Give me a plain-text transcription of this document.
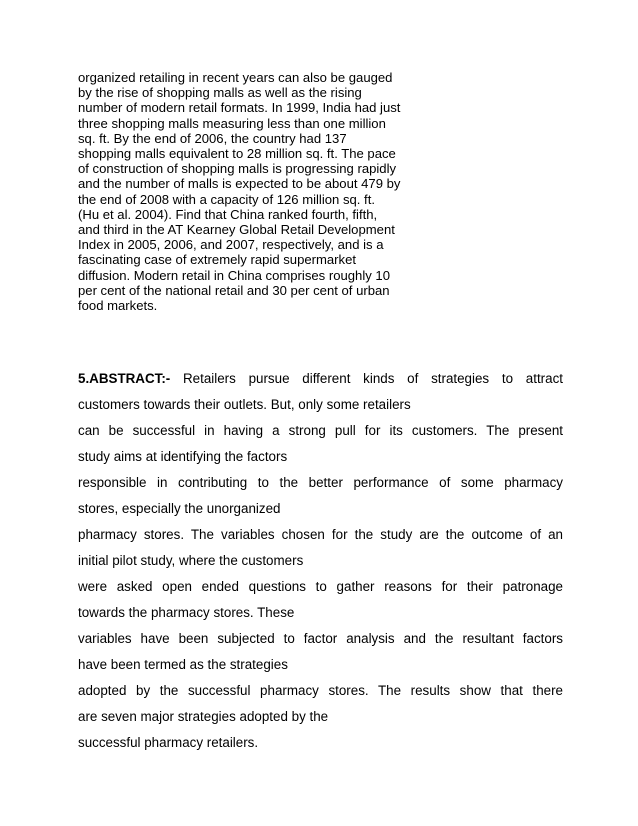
organized retailing in recent years can also be gauged
by the rise of shopping malls as well as the rising
number of modern retail formats. In 1999, India had just
three shopping malls measuring less than one million
sq. ft. By the end of 2006, the country had 137
shopping malls equivalent to 28 million sq. ft. The pace
of construction of shopping malls is progressing rapidly
and the number of malls is expected to be about 479 by
the end of 2008 with a capacity of 126 million sq. ft.
(Hu et al. 2004). Find that China ranked fourth, fifth,
and third in the AT Kearney Global Retail Development
Index in 2005, 2006, and 2007, respectively, and is a
fascinating case of extremely rapid supermarket
diffusion. Modern retail in China comprises roughly 10
per cent of the national retail and 30 per cent of urban
food markets.
5.ABSTRACT:- Retailers pursue different kinds of strategies to attract
customers towards their outlets. But, only some retailers
can be successful in having a strong pull for its customers. The present
study aims at identifying the factors
responsible in contributing to the better performance of some pharmacy
stores, especially the unorganized
pharmacy stores. The variables chosen for the study are the outcome of an
initial pilot study, where the customers
were asked open ended questions to gather reasons for their patronage
towards the pharmacy stores. These
variables have been subjected to factor analysis and the resultant factors
have been termed as the strategies
adopted by the successful pharmacy stores. The results show that there
are seven major strategies adopted by the
successful pharmacy retailers.
